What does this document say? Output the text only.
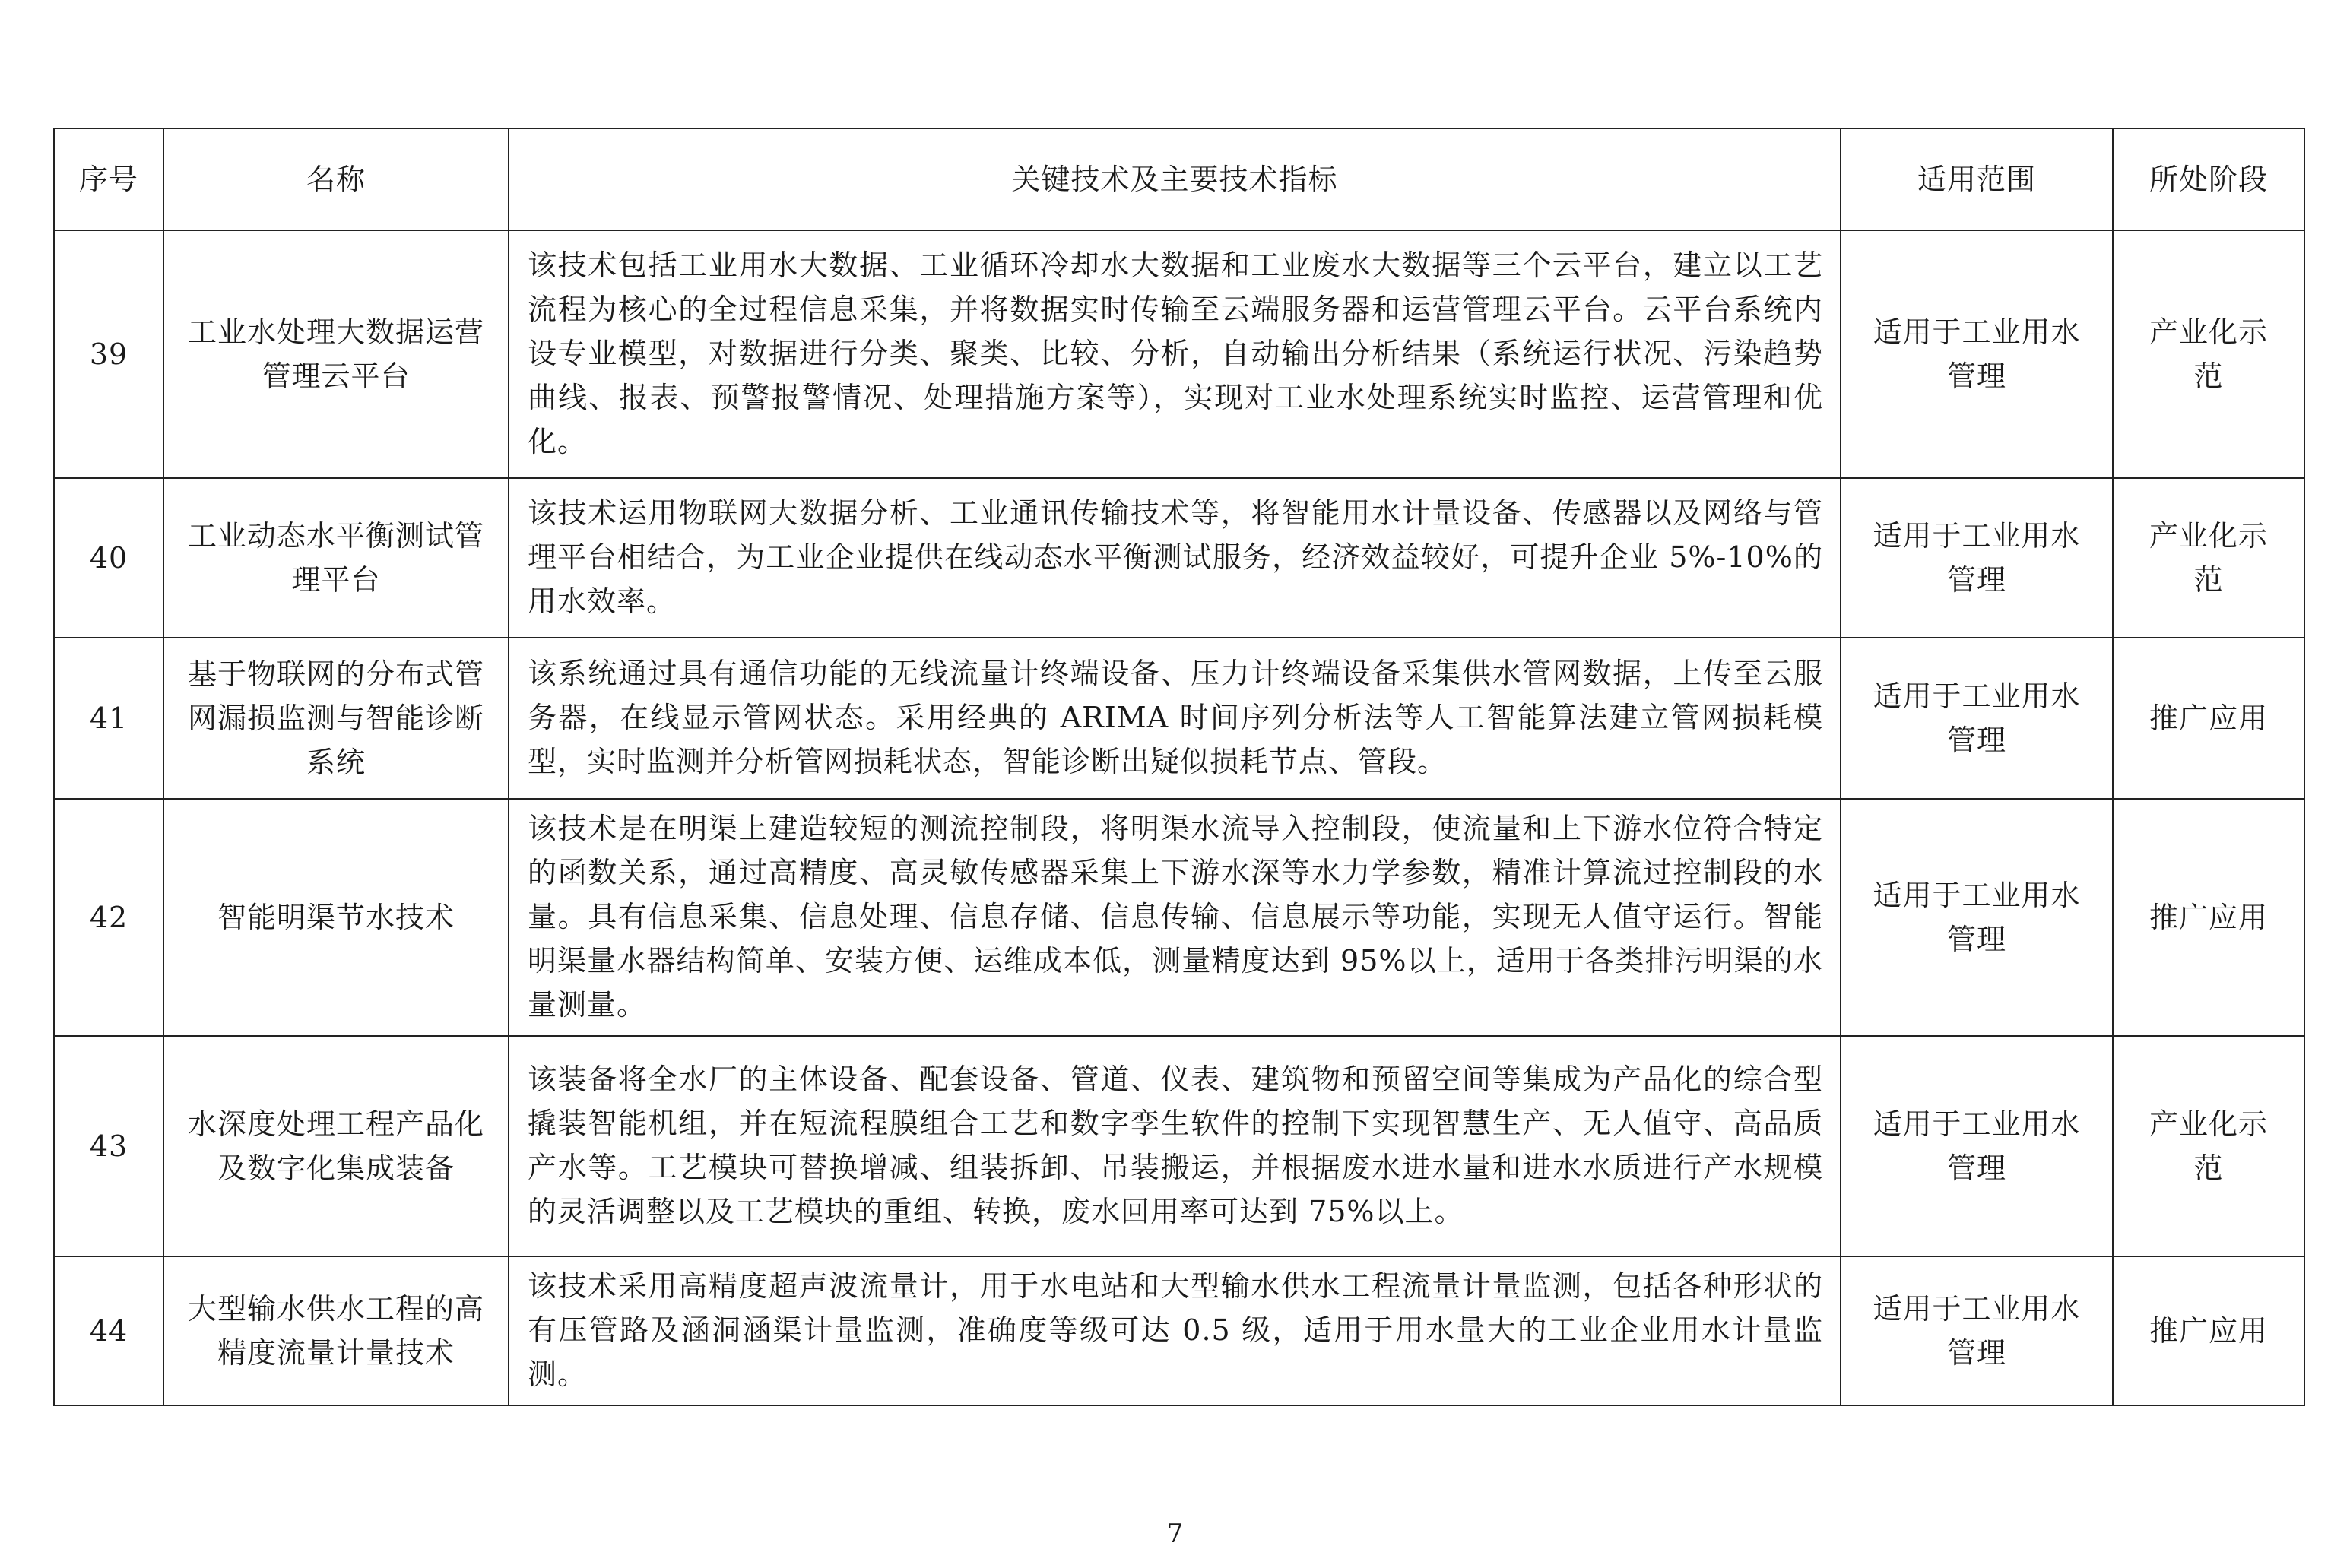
序号	名称	关键技术及主要技术指标	适用范围	所处阶段
39	工业水处理大数据运营管理云平台	该技术包括工业用水大数据、工业循环冷却水大数据和工业废水大数据等三个云平台，建立以工艺流程为核心的全过程信息采集，并将数据实时传输至云端服务器和运营管理云平台。云平台系统内设专业模型，对数据进行分类、聚类、比较、分析，自动输出分析结果（系统运行状况、污染趋势曲线、报表、预警报警情况、处理措施方案等），实现对工业水处理系统实时监控、运营管理和优化。	适用于工业用水管理	产业化示范
40	工业动态水平衡测试管理平台	该技术运用物联网大数据分析、工业通讯传输技术等，将智能用水计量设备、传感器以及网络与管理平台相结合，为工业企业提供在线动态水平衡测试服务，经济效益较好，可提升企业 5%-10%的用水效率。	适用于工业用水管理	产业化示范
41	基于物联网的分布式管网漏损监测与智能诊断系统	该系统通过具有通信功能的无线流量计终端设备、压力计终端设备采集供水管网数据，上传至云服务器，在线显示管网状态。采用经典的 ARIMA 时间序列分析法等人工智能算法建立管网损耗模型，实时监测并分析管网损耗状态，智能诊断出疑似损耗节点、管段。	适用于工业用水管理	推广应用
42	智能明渠节水技术	该技术是在明渠上建造较短的测流控制段，将明渠水流导入控制段，使流量和上下游水位符合特定的函数关系，通过高精度、高灵敏传感器采集上下游水深等水力学参数，精准计算流过控制段的水量。具有信息采集、信息处理、信息存储、信息传输、信息展示等功能，实现无人值守运行。智能明渠量水器结构简单、安装方便、运维成本低，测量精度达到 95%以上，适用于各类排污明渠的水量测量。	适用于工业用水管理	推广应用
43	水深度处理工程产品化及数字化集成装备	该装备将全水厂的主体设备、配套设备、管道、仪表、建筑物和预留空间等集成为产品化的综合型撬装智能机组，并在短流程膜组合工艺和数字孪生软件的控制下实现智慧生产、无人值守、高品质产水等。工艺模块可替换增减、组装拆卸、吊装搬运，并根据废水进水量和进水水质进行产水规模的灵活调整以及工艺模块的重组、转换，废水回用率可达到 75%以上。	适用于工业用水管理	产业化示范
44	大型输水供水工程的高精度流量计量技术	该技术采用高精度超声波流量计，用于水电站和大型输水供水工程流量计量监测，包括各种形状的有压管路及涵洞涵渠计量监测，准确度等级可达 0.5 级，适用于用水量大的工业企业用水计量监测。	适用于工业用水管理	推广应用
7
